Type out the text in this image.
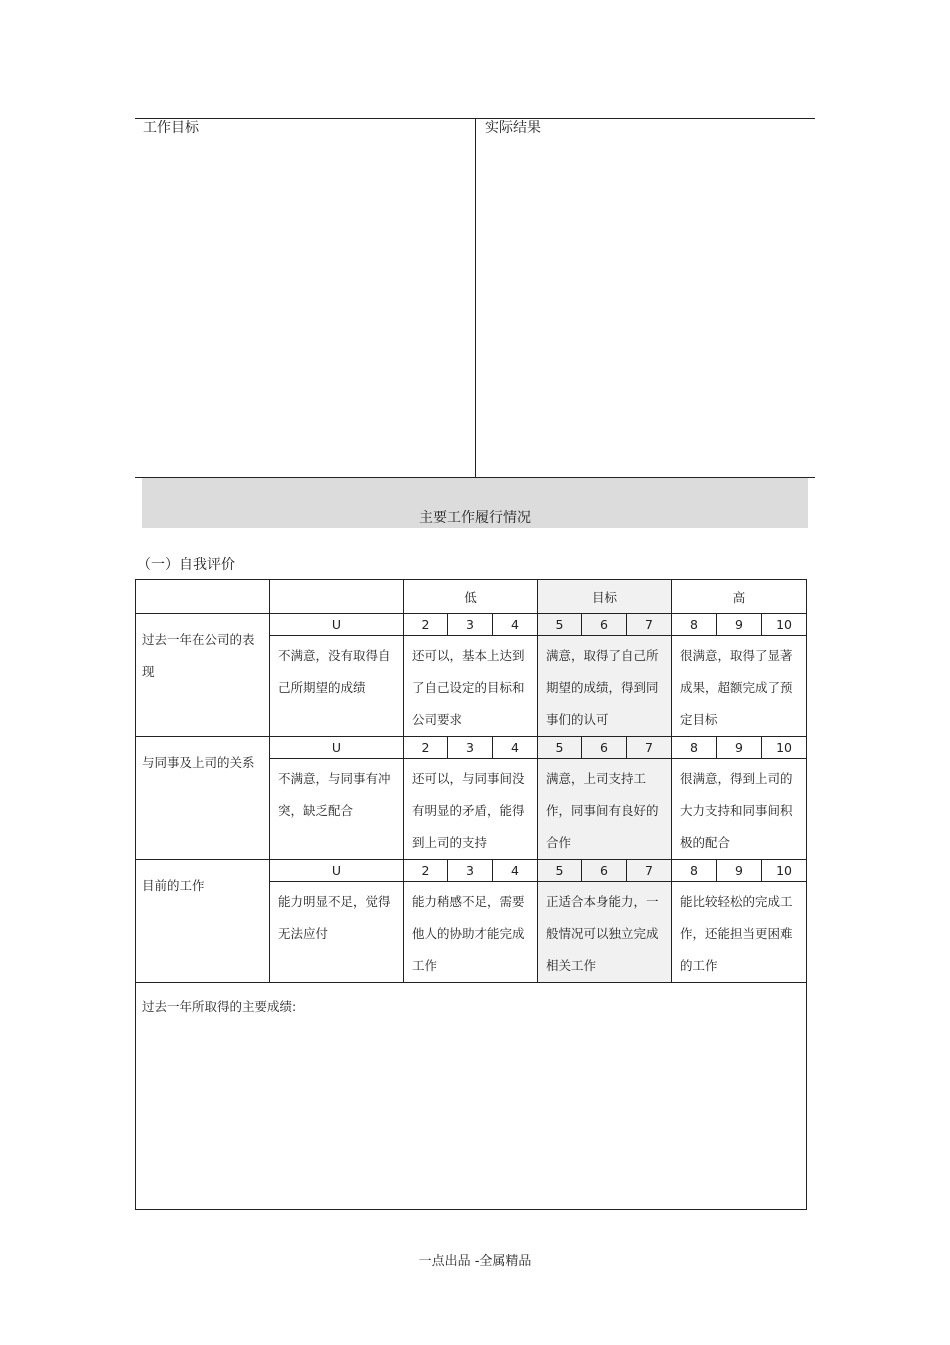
工作目标	实际结果
主要工作履行情况
（一）自我评价
		低			目标			高		
过去一年在公司的表现	U	2	3	4	5	6	7	8	9	10
	不满意，没有取得自己所期望的成绩	还可以，基本上达到了自己设定的目标和公司要求			满意，取得了自己所期望的成绩，得到同事们的认可			很满意，取得了显著成果，超额完成了预定目标		
与同事及上司的关系	U	2	3	4	5	6	7	8	9	10
	不满意，与同事有冲突，缺乏配合	还可以，与同事间没有明显的矛盾，能得到上司的支持			满意，上司支持工作，同事间有良好的合作			很满意，得到上司的大力支持和同事间积极的配合		
目前的工作	U	2	3	4	5	6	7	8	9	10
	能力明显不足，觉得无法应付	能力稍感不足，需要他人的协助才能完成工作			正适合本身能力，一般情况可以独立完成相关工作			能比较轻松的完成工作，还能担当更困难的工作		
过去一年所取得的主要成绩:										
一点出品 -全属精品
